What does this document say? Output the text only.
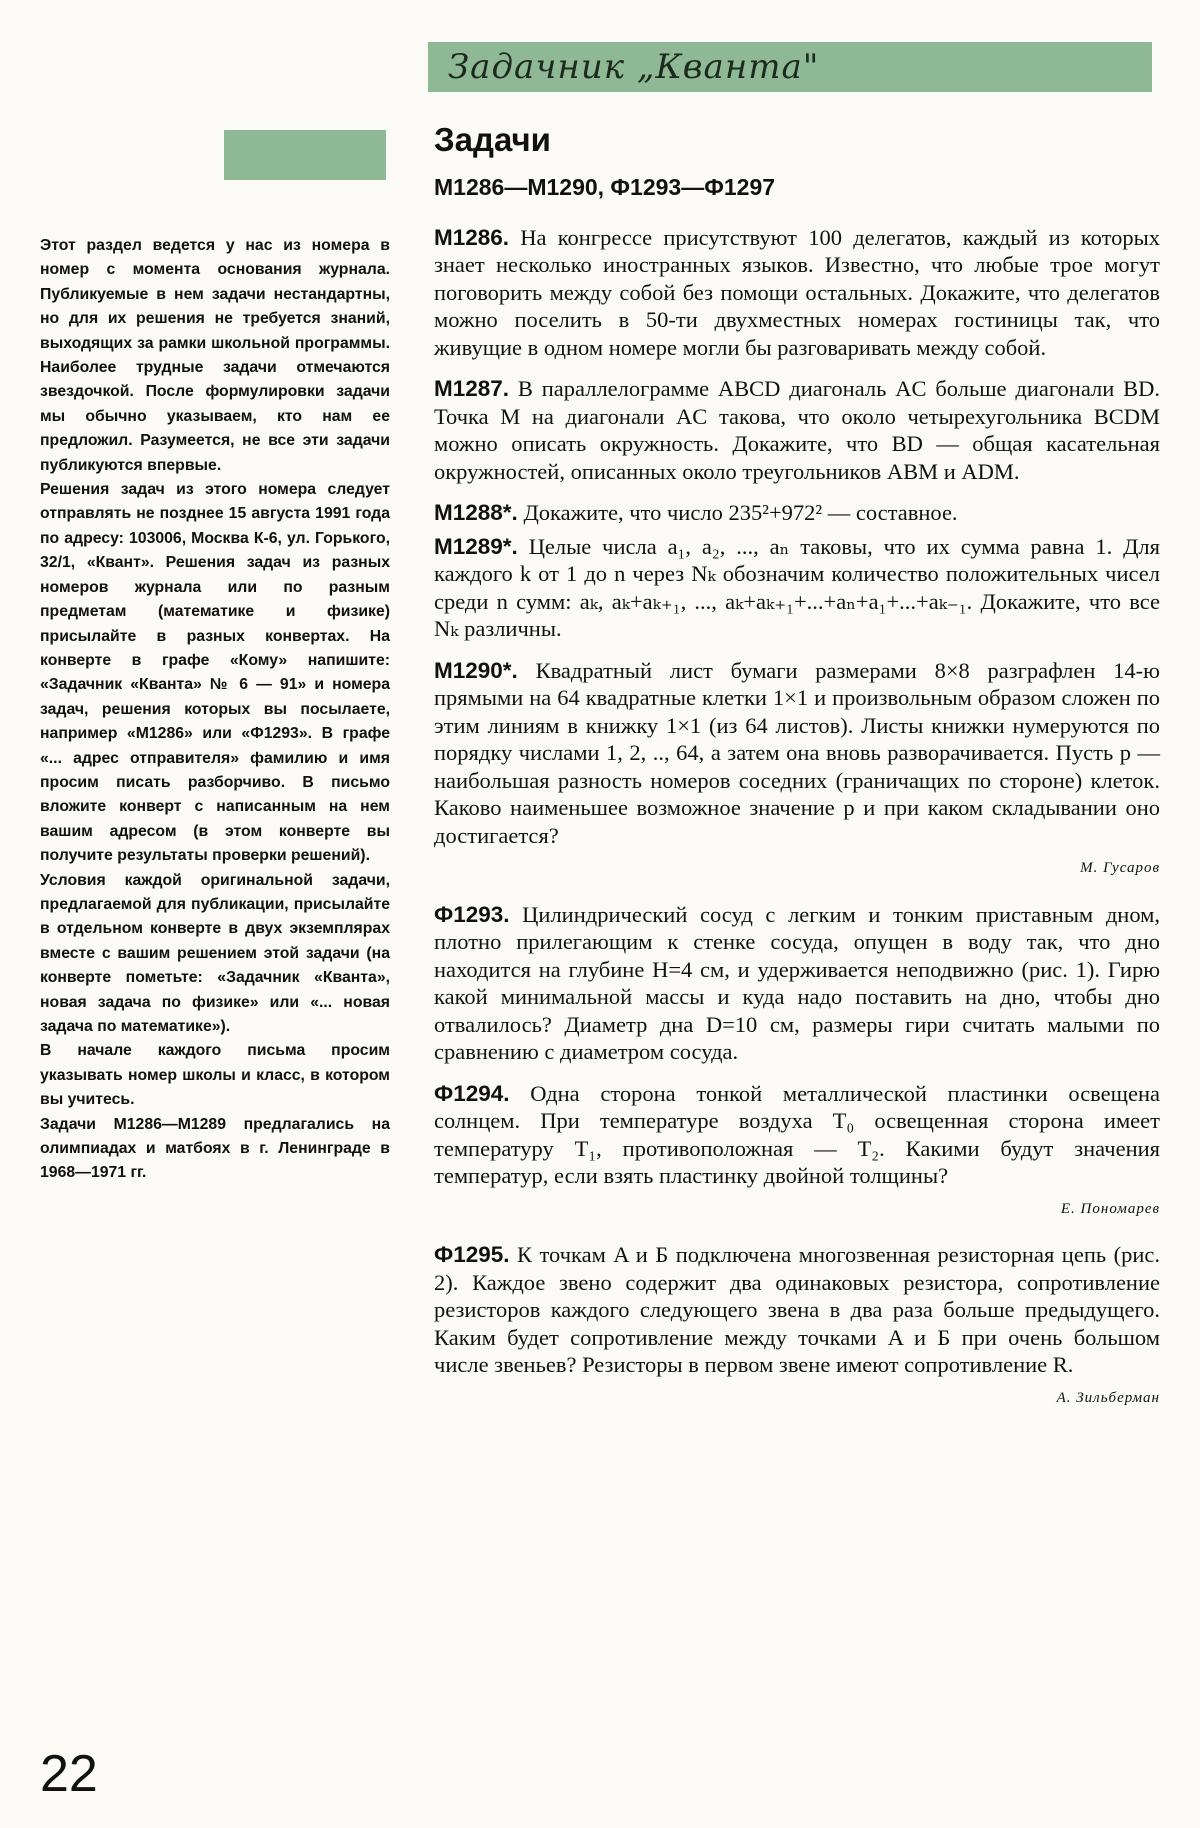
Задачник „Кванта"

Этот раздел ведется у нас из номера в номер с момента основания журнала. Публикуемые в нем задачи нестандартны, но для их решения не требуется знаний, выходящих за рамки школьной программы. Наиболее трудные задачи отмечаются звездочкой. После формулировки задачи мы обычно указываем, кто нам ее предложил. Разумеется, не все эти задачи публикуются впервые.

Решения задач из этого номера следует отправлять не позднее 15 августа 1991 года по адресу: 103006, Москва К-6, ул. Горького, 32/1, «Квант». Решения задач из разных номеров журнала или по разным предметам (математике и физике) присылайте в разных конвертах. На конверте в графе «Кому» напишите: «Задачник «Кванта» № 6 — 91» и номера задач, решения которых вы посылаете, например «М1286» или «Ф1293». В графе «... адрес отправителя» фамилию и имя просим писать разборчиво. В письмо вложите конверт с написанным на нем вашим адресом (в этом конверте вы получите результаты проверки решений).

Условия каждой оригинальной задачи, предлагаемой для публикации, присылайте в отдельном конверте в двух экземплярах вместе с вашим решением этой задачи (на конверте пометьте: «Задачник «Кванта», новая задача по физике» или «... новая задача по математике»).

В начале каждого письма просим указывать номер школы и класс, в котором вы учитесь.

Задачи М1286—М1289 предлагались на олимпиадах и матбоях в г. Ленинграде в 1968—1971 гг.

Задачи
М1286—М1290, Ф1293—Ф1297

М1286. На конгрессе присутствуют 100 делегатов, каждый из которых знает несколько иностранных языков. Известно, что любые трое могут поговорить между собой без помощи остальных. Докажите, что делегатов можно поселить в 50-ти двухместных номерах гостиницы так, что живущие в одном номере могли бы разговаривать между собой.

М1287. В параллелограмме ABCD диагональ AC больше диагонали BD. Точка M на диагонали AC такова, что около четырехугольника BCDM можно описать окружность. Докажите, что BD — общая касательная окружностей, описанных около треугольников ABM и ADM.

М1288*. Докажите, что число 235²+972² — составное.

М1289*. Целые числа a₁, a₂, ..., aₙ таковы, что их сумма равна 1. Для каждого k от 1 до n через Nₖ обозначим количество положительных чисел среди n сумм: aₖ, aₖ+aₖ₊₁, ..., aₖ+aₖ₊₁+...+aₙ+a₁+...+aₖ₋₁. Докажите, что все Nₖ различны.

М1290*. Квадратный лист бумаги размерами 8×8 разграфлен 14-ю прямыми на 64 квадратные клетки 1×1 и произвольным образом сложен по этим линиям в книжку 1×1 (из 64 листов). Листы книжки нумеруются по порядку числами 1, 2, .., 64, а затем она вновь разворачивается. Пусть p — наибольшая разность номеров соседних (граничащих по стороне) клеток. Каково наименьшее возможное значение p и при каком складывании оно достигается?

М. Гусаров

Ф1293. Цилиндрический сосуд с легким и тонким приставным дном, плотно прилегающим к стенке сосуда, опущен в воду так, что дно находится на глубине H=4 см, и удерживается неподвижно (рис. 1). Гирю какой минимальной массы и куда надо поставить на дно, чтобы дно отвалилось? Диаметр дна D=10 см, размеры гири считать малыми по сравнению с диаметром сосуда.

Ф1294. Одна сторона тонкой металлической пластинки освещена солнцем. При температуре воздуха T₀ освещенная сторона имеет температуру T₁, противоположная — T₂. Какими будут значения температур, если взять пластинку двойной толщины?

Е. Пономарев

Ф1295. К точкам A и Б подключена многозвенная резисторная цепь (рис. 2). Каждое звено содержит два одинаковых резистора, сопротивление резисторов каждого следующего звена в два раза больше предыдущего. Каким будет сопротивление между точками A и Б при очень большом числе звеньев? Резисторы в первом звене имеют сопротивление R.

А. Зильберман
22
